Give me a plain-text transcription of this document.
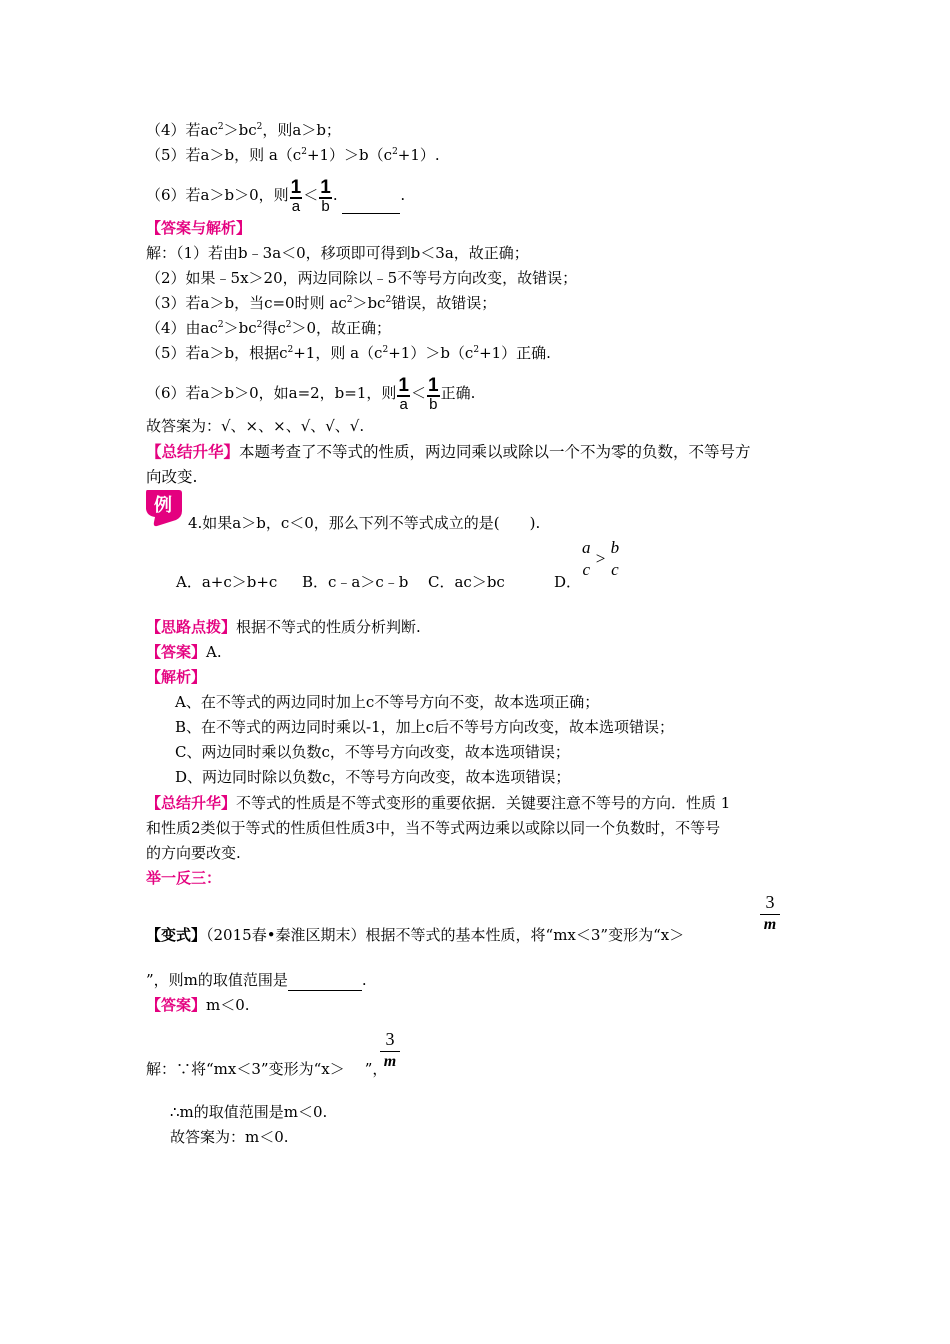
（4）若$ac^2>bc^2$，则a＞b；
（5）若a＞b，则 $a(c^2+1)>b(c^2+1)$.
（6）若a＞b＞0，则 $\frac{1}{a} < \frac{1}{b}$ .	.
【答案与解析】
解：（1）若由b﹣3a＜0，移项即可得到b＜3a，故正确；
（2）如果﹣5x＞20，两边同除以﹣5不等号方向改变，故错误；
（3）若a＞b，当c=0时则 $ac^2>bc^2$错误，故错误；
（4）由$ac^2>bc^2$得$c^2>0$，故正确；
（5）若a＞b，根据$c^2+1$，则 $a(c^2+1)>b(c^2+1)$正确.
（6）若a＞b＞0，如a=2，b=1，则 $\frac{1}{a} < \frac{1}{b}$ 正确.
故答案为：√、×、×、√、√、√.
【总结升华】本题考查了不等式的性质，两边同乘以或除以一个不为零的负数，不等号方
向改变.
例
4.如果a＞b，c＜0，那么下列不等式成立的是(　　).
A．a+c＞b+c B．c﹣a＞c﹣b C．ac＞bc	D．
a
c
>
b
c
【思路点拨】根据不等式的性质分析判断.
【答案】A.
【解析】
A、在不等式的两边同时加上c不等号方向不变，故本选项正确；
B、在不等式的两边同时乘以-1，加上c后不等号方向改变，故本选项错误；
C、两边同时乘以负数c，不等号方向改变，故本选项错误；
D、两边同时除以负数c，不等号方向改变，故本选项错误；
【总结升华】不等式的性质是不等式变形的重要依据．关键要注意不等号的方向．性质 1
和性质2类似于等式的性质但性质3中，当不等式两边乘以或除以同一个负数时，不等号
的方向要改变.
举一反三：
【变式】（2015春•秦淮区期末）根据不等式的基本性质，将“mx＜3”变形为“x＞
3
m
”，则m的取值范围是	.
【答案】m＜0.
解：∵将“mx＜3”变形为“x＞ ”，
3
m
∴m的取值范围是m＜0.
故答案为：m＜0.
